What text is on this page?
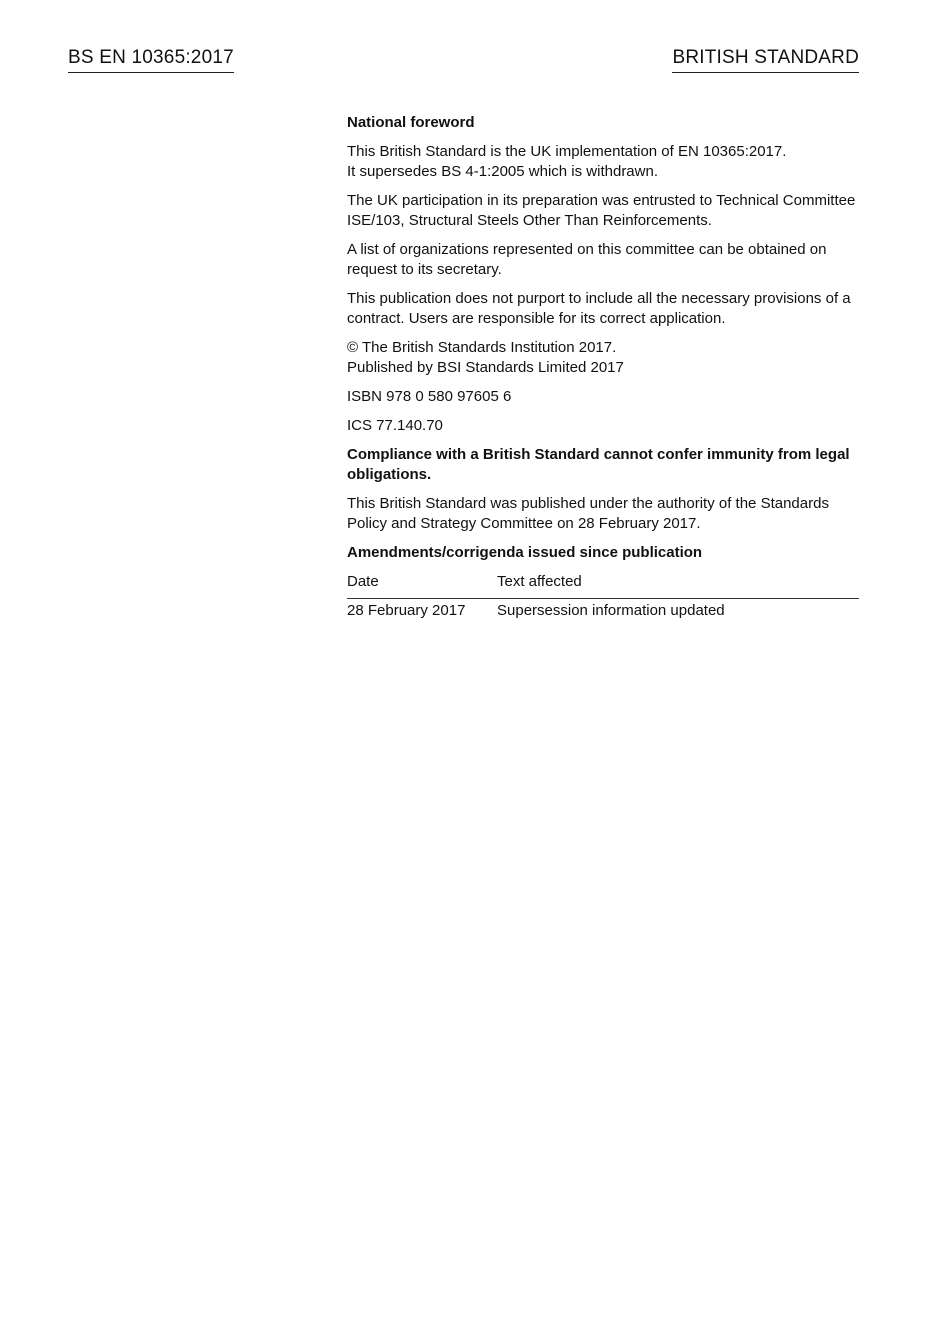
BS EN 10365:2017	BRITISH STANDARD

National foreword

This British Standard is the UK implementation of EN 10365:2017.
It supersedes BS 4-1:2005 which is withdrawn.

The UK participation in its preparation was entrusted to Technical Committee ISE/103, Structural Steels Other Than Reinforcements.

A list of organizations represented on this committee can be obtained on request to its secretary.

This publication does not purport to include all the necessary provisions of a contract. Users are responsible for its correct application.

© The British Standards Institution 2017.
Published by BSI Standards Limited 2017

ISBN 978 0 580 97605 6

ICS 77.140.70

Compliance with a British Standard cannot confer immunity from legal obligations.

This British Standard was published under the authority of the Standards Policy and Strategy Committee on 28 February 2017.

Amendments/corrigenda issued since publication

Date	Text affected
28 February 2017	Supersession information updated
